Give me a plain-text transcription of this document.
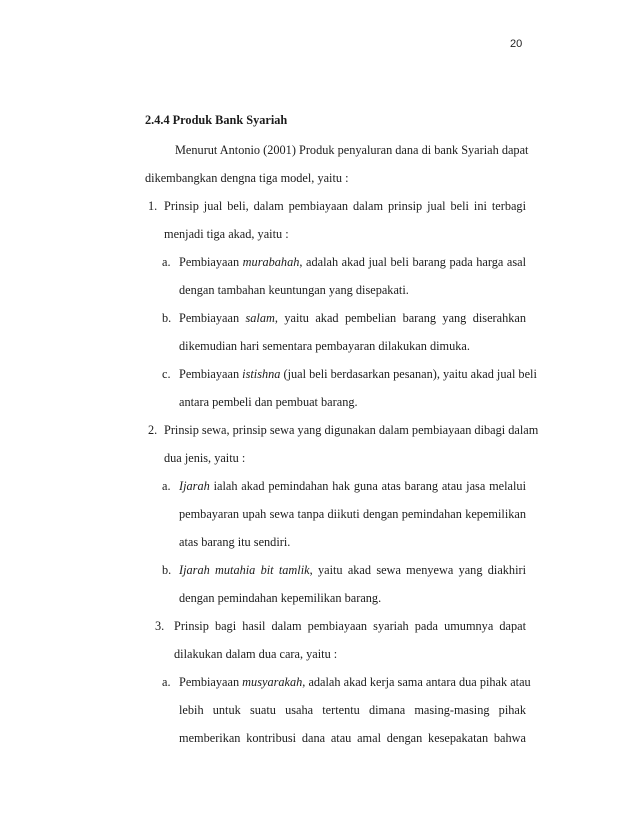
20
2.4.4 Produk Bank Syariah
Menurut Antonio (2001) Produk penyaluran dana di bank Syariah dapat
dikembangkan dengna tiga model, yaitu :
1. Prinsip jual beli, dalam pembiayaan dalam prinsip jual beli ini terbagi
menjadi tiga akad, yaitu :
a. Pembiayaan murabahah, adalah akad jual beli barang pada harga asal
dengan tambahan keuntungan yang disepakati.
b. Pembiayaan salam, yaitu akad pembelian barang yang diserahkan
dikemudian hari sementara pembayaran dilakukan dimuka.
c. Pembiayaan istishna (jual beli berdasarkan pesanan), yaitu akad jual beli
antara pembeli dan pembuat barang.
2. Prinsip sewa, prinsip sewa yang digunakan dalam pembiayaan dibagi dalam
dua jenis, yaitu :
a. Ijarah ialah akad pemindahan hak guna atas barang atau jasa melalui
pembayaran upah sewa tanpa diikuti dengan pemindahan kepemilikan
atas barang itu sendiri.
b. Ijarah mutahia bit tamlik, yaitu akad sewa menyewa yang diakhiri
dengan pemindahan kepemilikan barang.
3. Prinsip bagi hasil dalam pembiayaan syariah pada umumnya dapat
dilakukan dalam dua cara, yaitu :
a. Pembiayaan musyarakah, adalah akad kerja sama antara dua pihak atau
lebih untuk suatu usaha tertentu dimana masing-masing pihak
memberikan kontribusi dana atau amal dengan kesepakatan bahwa
